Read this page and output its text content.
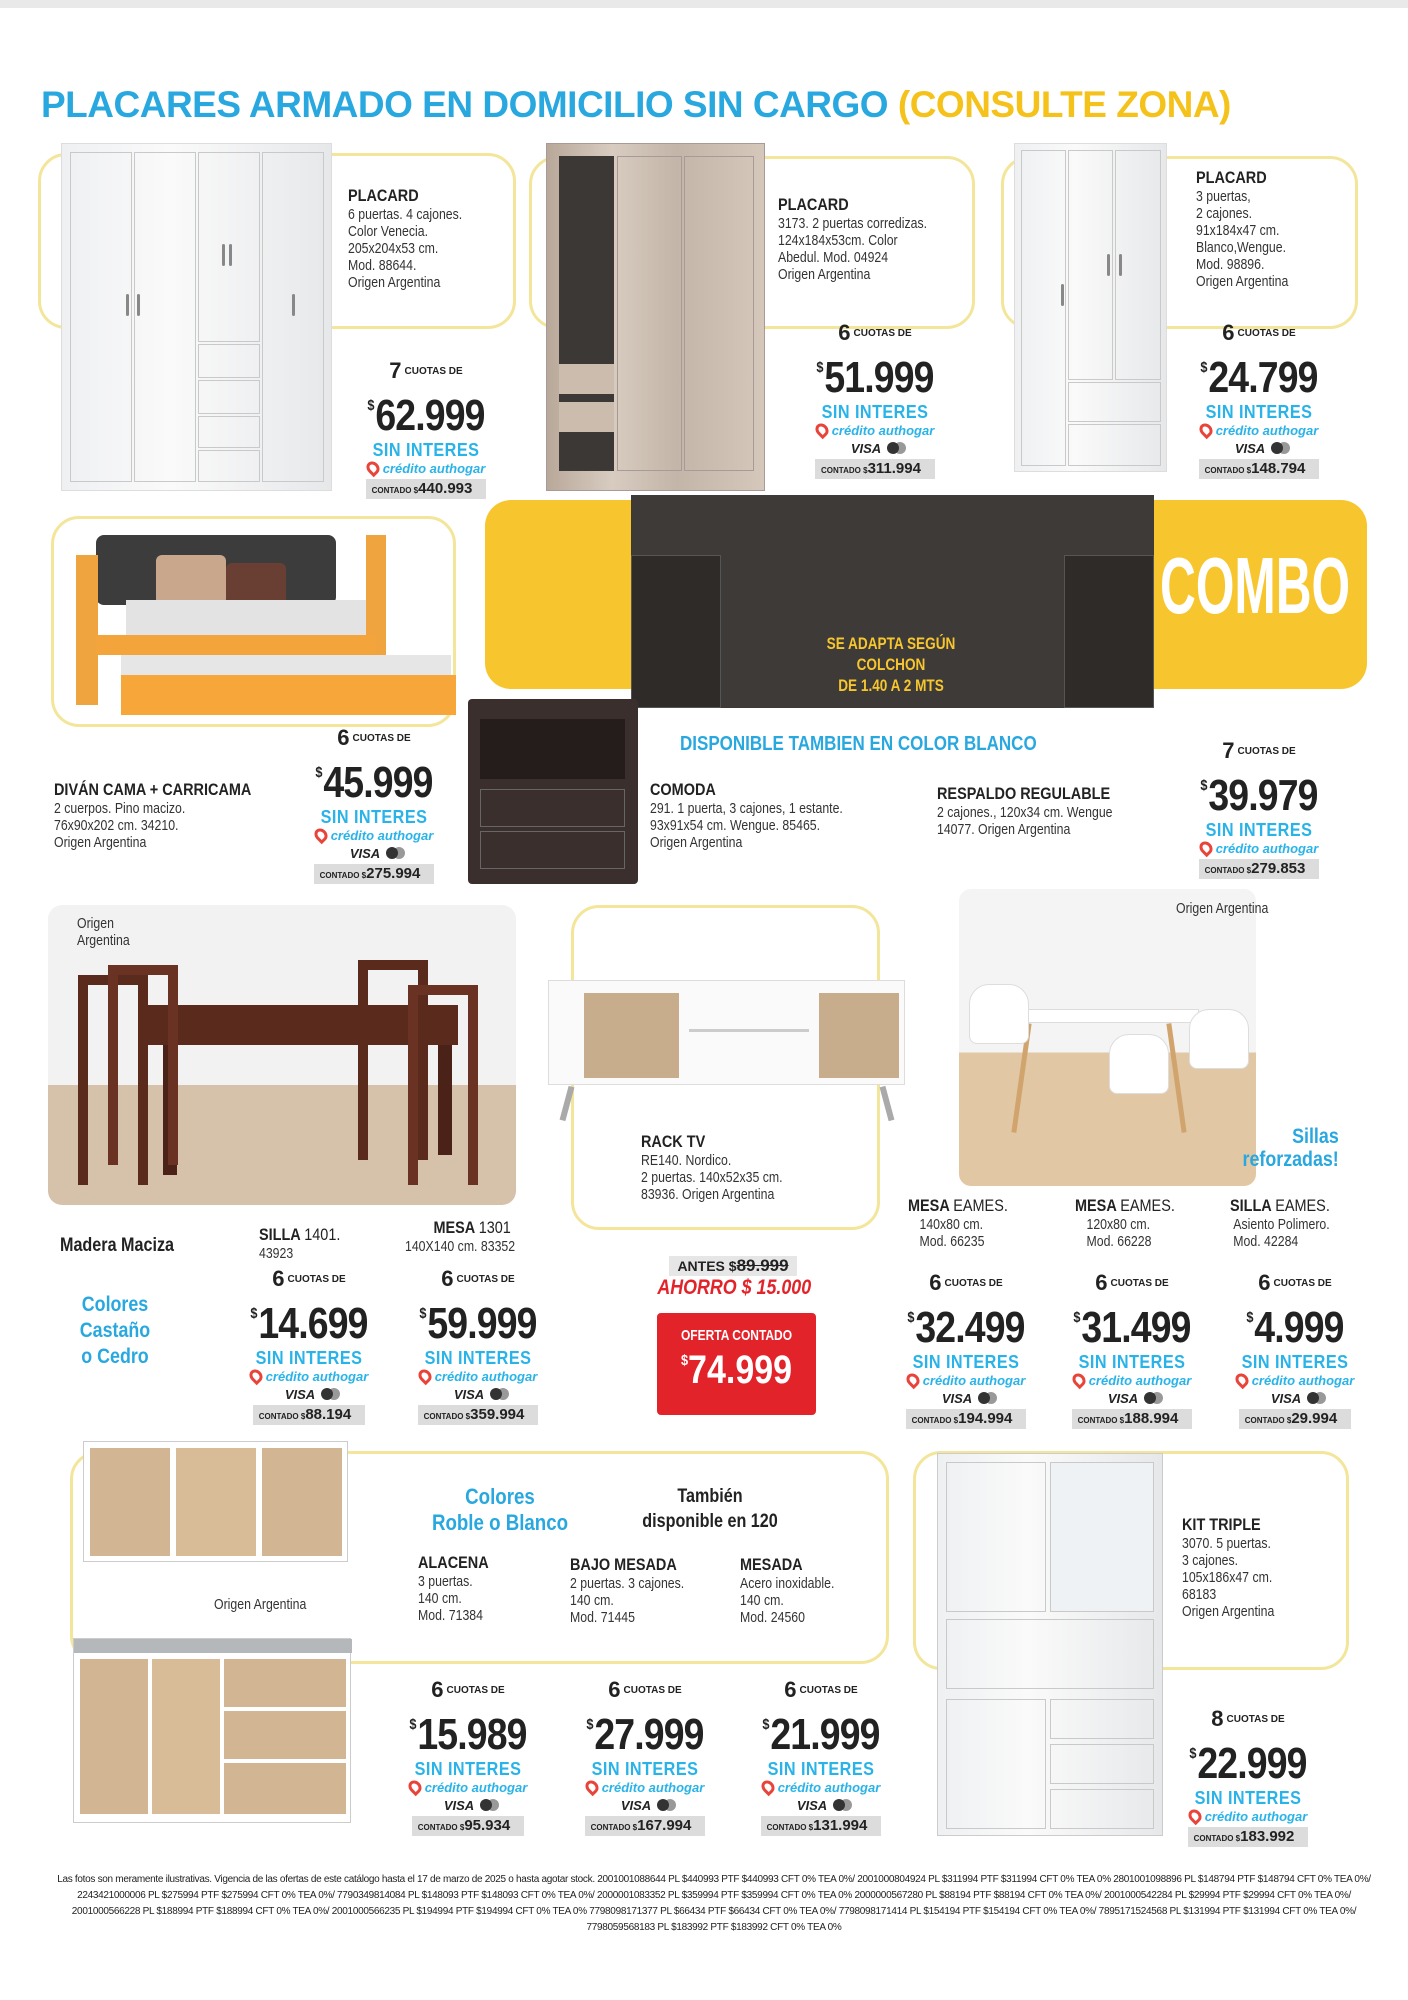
PLACARES ARMADO EN DOMICILIO SIN CARGO (CONSULTE ZONA)
PLACARD
6 puertas. 4 cajones.
Color Venecia.
205x204x53 cm.
Mod. 88644.
Origen Argentina
7 CUOTAS DE
$62.999
SIN INTERES
crédito authogar
CONTADO $440.993
PLACARD
3173. 2 puertas corredizas.
124x184x53cm. Color
Abedul. Mod. 04924
Origen Argentina
6 CUOTAS DE
$51.999
SIN INTERES
crédito authogar
VISA
CONTADO $311.994
PLACARD
3 puertas,
2 cajones.
91x184x47 cm.
Blanco,Wengue.
Mod. 98896.
Origen Argentina
6 CUOTAS DE
$24.799
SIN INTERES
crédito authogar
VISA
CONTADO $148.794
DIVÁN CAMA + CARRICAMA
2 cuerpos. Pino macizo.
76x90x202 cm. 34210.
Origen Argentina
6 CUOTAS DE
$45.999
SIN INTERES
crédito authogar
VISA
CONTADO $275.994
SE ADAPTA SEGÚN COLCHON
DE 1.40 A 2 MTS
COMBO
DISPONIBLE TAMBIEN EN COLOR BLANCO
COMODA
291. 1 puerta, 3 cajones, 1 estante.
93x91x54 cm. Wengue. 85465.
Origen Argentina
RESPALDO REGULABLE
2 cajones., 120x34 cm. Wengue
14077. Origen Argentina
7 CUOTAS DE
$39.979
SIN INTERES
crédito authogar
CONTADO $279.853
Origen
Argentina
Madera Maciza
Colores
Castaño
o Cedro
SILLA 1401.
43923
6 CUOTAS DE
$14.699
SIN INTERES
crédito authogar
VISA
CONTADO $88.194
MESA 1301
140X140 cm. 83352
6 CUOTAS DE
$59.999
SIN INTERES
crédito authogar
VISA
CONTADO $359.994
RACK TV
RE140. Nordico.
2 puertas. 140x52x35 cm.
83936. Origen Argentina
ANTES $89.999
AHORRO $ 15.000
OFERTA CONTADO
$74.999
Origen Argentina
Sillas
reforzadas!
MESA EAMES.
140x80 cm.
Mod. 66235
6 CUOTAS DE
$32.499
SIN INTERES
crédito authogar
VISA
CONTADO $194.994
MESA EAMES.
120x80 cm.
Mod. 66228
6 CUOTAS DE
$31.499
SIN INTERES
crédito authogar
VISA
CONTADO $188.994
SILLA EAMES.
Asiento Polimero.
Mod. 42284
6 CUOTAS DE
$4.999
SIN INTERES
crédito authogar
VISA
CONTADO $29.994
Origen Argentina
Colores
Roble o Blanco
También
disponible en 120
ALACENA
3 puertas.
140 cm.
Mod. 71384
BAJO MESADA
2 puertas. 3 cajones.
140 cm.
Mod. 71445
MESADA
Acero inoxidable.
140 cm.
Mod. 24560
6 CUOTAS DE
$15.989
SIN INTERES
crédito authogar
VISA
CONTADO $95.934
6 CUOTAS DE
$27.999
SIN INTERES
crédito authogar
VISA
CONTADO $167.994
6 CUOTAS DE
$21.999
SIN INTERES
crédito authogar
VISA
CONTADO $131.994
KIT TRIPLE
3070. 5 puertas.
3 cajones.
105x186x47 cm.
68183
Origen Argentina
8 CUOTAS DE
$22.999
SIN INTERES
crédito authogar
CONTADO $183.992
Las fotos son meramente ilustrativas. Vigencia de las ofertas de este catálogo hasta el 17 de marzo de 2025 o hasta agotar stock. 2001001088644 PL $440993 PTF $440993 CFT 0% TEA 0%/ 2001000804924 PL $311994 PTF $311994 CFT 0% TEA 0% 2801001098896 PL $148794 PTF $148794 CFT 0% TEA 0%/ 2243421000006 PL $275994 PTF $275994 CFT 0% TEA 0%/ 7790349814084 PL $148093 PTF $148093 CFT 0% TEA 0%/ 2000001083352 PL $359994 PTF $359994 CFT 0% TEA 0% 2000000567280 PL $88194 PTF $88194 CFT 0% TEA 0%/ 2001000542284 PL $29994 PTF $29994 CFT 0% TEA 0%/ 2001000566228 PL $188994 PTF $188994 CFT 0% TEA 0%/ 2001000566235 PL $194994 PTF $194994 CFT 0% TEA 0% 7798098171377 PL $66434 PTF $66434 CFT 0% TEA 0%/ 7798098171414 PL $154194 PTF $154194 CFT 0% TEA 0%/ 7895171524568 PL $131994 PTF $131994 CFT 0% TEA 0%/ 7798059568183 PL $183992 PTF $183992 CFT 0% TEA 0%
